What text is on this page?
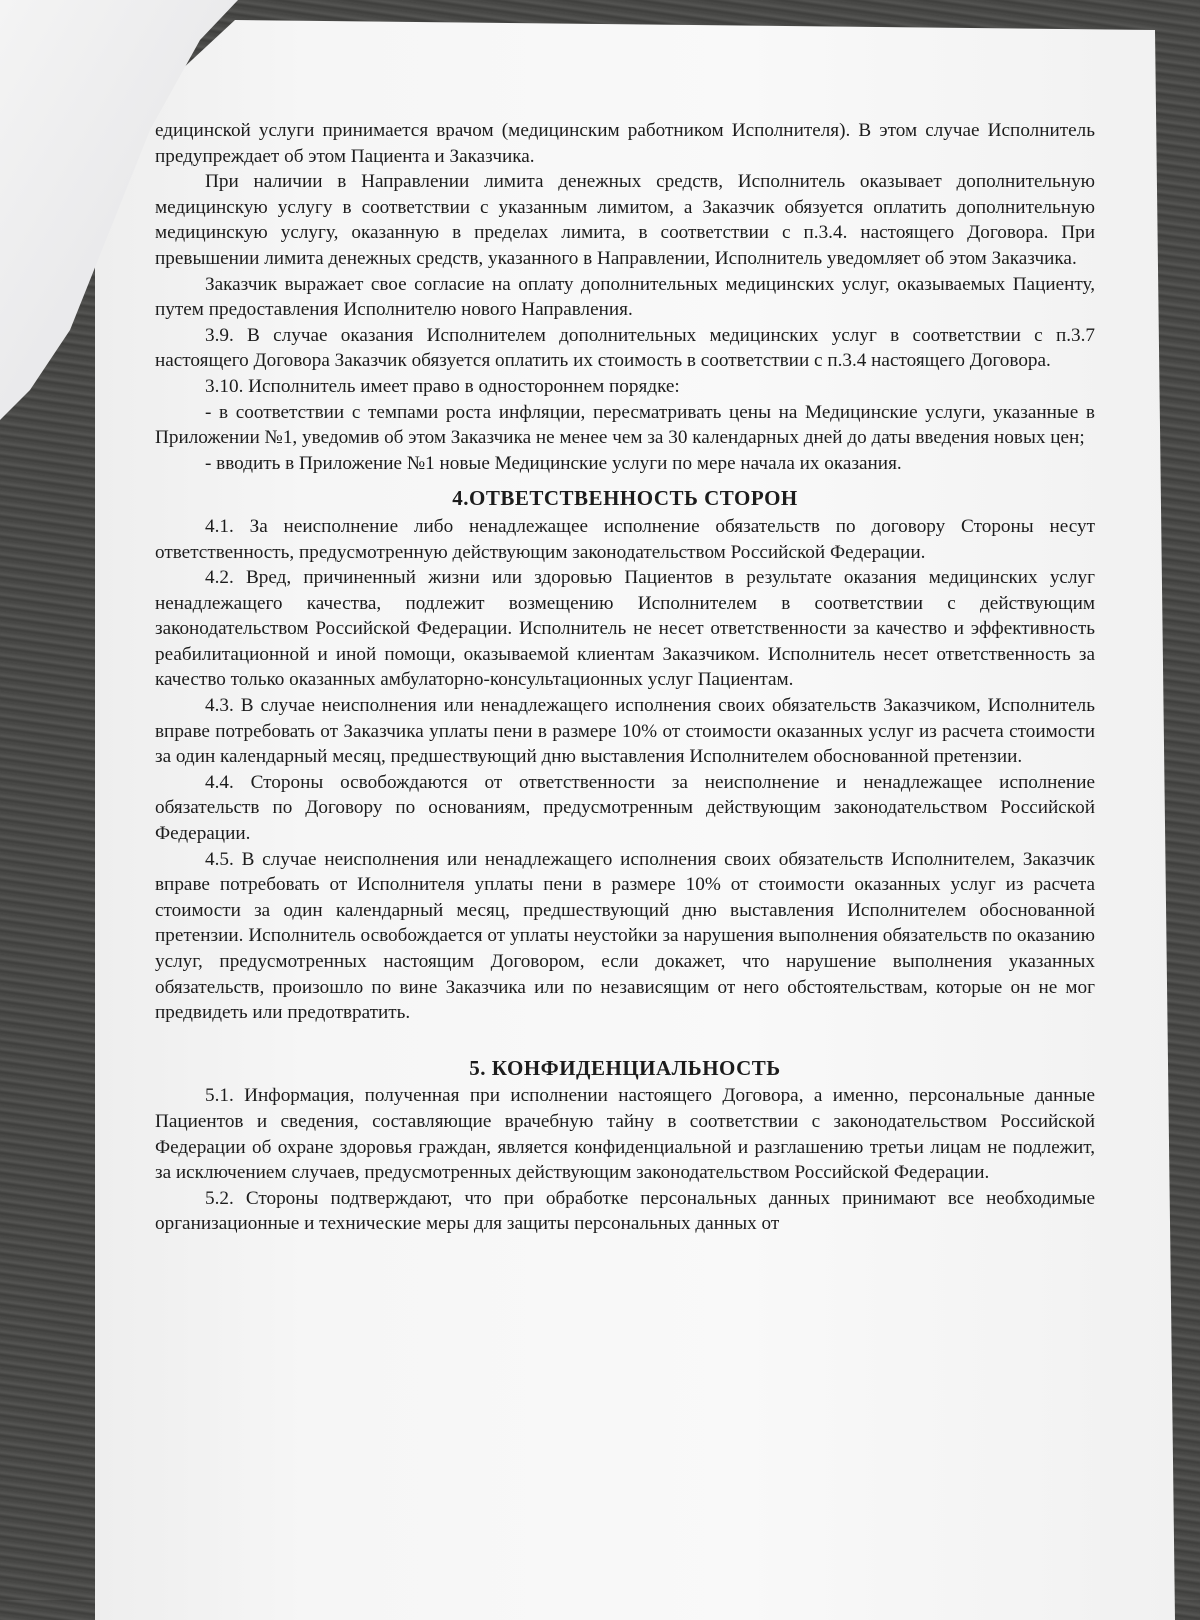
едицинской услуги принимается врачом (медицинским работником Исполнителя). В этом случае Исполнитель предупреждает об этом Пациента и Заказчика.

При наличии в Направлении лимита денежных средств, Исполнитель оказывает дополнительную медицинскую услугу в соответствии с указанным лимитом, а Заказчик обязуется оплатить дополнительную медицинскую услугу, оказанную в пределах лимита, в соответствии с п.3.4. настоящего Договора. При превышении лимита денежных средств, указанного в Направлении, Исполнитель уведомляет об этом Заказчика.

Заказчик выражает свое согласие на оплату дополнительных медицинских услуг, оказываемых Пациенту, путем предоставления Исполнителю нового Направления.

3.9. В случае оказания Исполнителем дополнительных медицинских услуг в соответствии с п.3.7 настоящего Договора Заказчик обязуется оплатить их стоимость в соответствии с п.3.4 настоящего Договора.

3.10. Исполнитель имеет право в одностороннем порядке:

- в соответствии с темпами роста инфляции, пересматривать цены на Медицинские услуги, указанные в Приложении №1, уведомив об этом Заказчика не менее чем за 30 календарных дней до даты введения новых цен;

- вводить в Приложение №1 новые Медицинские услуги по мере начала их оказания.

4.ОТВЕТСТВЕННОСТЬ СТОРОН

4.1. За неисполнение либо ненадлежащее исполнение обязательств по договору Стороны несут ответственность, предусмотренную действующим законодательством Российской Федерации.

4.2. Вред, причиненный жизни или здоровью Пациентов в результате оказания медицинских услуг ненадлежащего качества, подлежит возмещению Исполнителем в соответствии с действующим законодательством Российской Федерации. Исполнитель не несет ответственности за качество и эффективность реабилитационной и иной помощи, оказываемой клиентам Заказчиком. Исполнитель несет ответственность за качество только оказанных амбулаторно-консультационных услуг Пациентам.

4.3. В случае неисполнения или ненадлежащего исполнения своих обязательств Заказчиком, Исполнитель вправе потребовать от Заказчика уплаты пени в размере 10% от стоимости оказанных услуг из расчета стоимости за один календарный месяц, предшествующий дню выставления Исполнителем обоснованной претензии.

4.4. Стороны освобождаются от ответственности за неисполнение и ненадлежащее исполнение обязательств по Договору по основаниям, предусмотренным действующим законодательством Российской Федерации.

4.5. В случае неисполнения или ненадлежащего исполнения своих обязательств Исполнителем, Заказчик вправе потребовать от Исполнителя уплаты пени в размере 10% от стоимости оказанных услуг из расчета стоимости за один календарный месяц, предшествующий дню выставления Исполнителем обоснованной претензии. Исполнитель освобождается от уплаты неустойки за нарушения выполнения обязательств по оказанию услуг, предусмотренных настоящим Договором, если докажет, что нарушение выполнения указанных обязательств, произошло по вине Заказчика или по независящим от него обстоятельствам, которые он не мог предвидеть или предотвратить.

5. КОНФИДЕНЦИАЛЬНОСТЬ

5.1. Информация, полученная при исполнении настоящего Договора, а именно, персональные данные Пациентов и сведения, составляющие врачебную тайну в соответствии с законодательством Российской Федерации об охране здоровья граждан, является конфиденциальной и разглашению третьи лицам не подлежит, за исключением случаев, предусмотренных действующим законодательством Российской Федерации.

5.2. Стороны подтверждают, что при обработке персональных данных принимают все необходимые организационные и технические меры для защиты персональных данных от
